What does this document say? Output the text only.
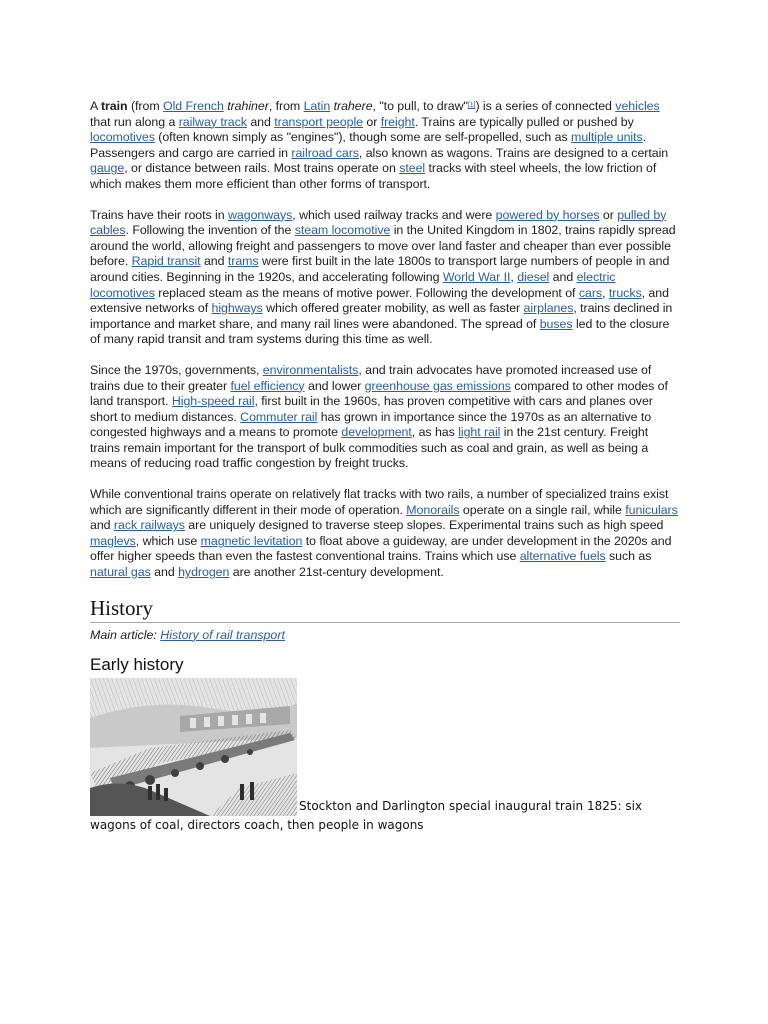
A train (from Old French trahiner, from Latin trahere, "to pull, to draw"[1]) is a series of connected vehicles that run along a railway track and transport people or freight. Trains are typically pulled or pushed by locomotives (often known simply as "engines"), though some are self-propelled, such as multiple units. Passengers and cargo are carried in railroad cars, also known as wagons. Trains are designed to a certain gauge, or distance between rails. Most trains operate on steel tracks with steel wheels, the low friction of which makes them more efficient than other forms of transport.

Trains have their roots in wagonways, which used railway tracks and were powered by horses or pulled by cables. Following the invention of the steam locomotive in the United Kingdom in 1802, trains rapidly spread around the world, allowing freight and passengers to move over land faster and cheaper than ever possible before. Rapid transit and trams were first built in the late 1800s to transport large numbers of people in and around cities. Beginning in the 1920s, and accelerating following World War II, diesel and electric locomotives replaced steam as the means of motive power. Following the development of cars, trucks, and extensive networks of highways which offered greater mobility, as well as faster airplanes, trains declined in importance and market share, and many rail lines were abandoned. The spread of buses led to the closure of many rapid transit and tram systems during this time as well.

Since the 1970s, governments, environmentalists, and train advocates have promoted increased use of trains due to their greater fuel efficiency and lower greenhouse gas emissions compared to other modes of land transport. High-speed rail, first built in the 1960s, has proven competitive with cars and planes over short to medium distances. Commuter rail has grown in importance since the 1970s as an alternative to congested highways and a means to promote development, as has light rail in the 21st century. Freight trains remain important for the transport of bulk commodities such as coal and grain, as well as being a means of reducing road traffic congestion by freight trucks.

While conventional trains operate on relatively flat tracks with two rails, a number of specialized trains exist which are significantly different in their mode of operation. Monorails operate on a single rail, while funiculars and rack railways are uniquely designed to traverse steep slopes. Experimental trains such as high speed maglevs, which use magnetic levitation to float above a guideway, are under development in the 2020s and offer higher speeds than even the fastest conventional trains. Trains which use alternative fuels such as natural gas and hydrogen are another 21st-century development.

History
Main article: History of rail transport
Early history
Stockton and Darlington special inaugural train 1825: six wagons of coal, directors coach, then people in wagons
